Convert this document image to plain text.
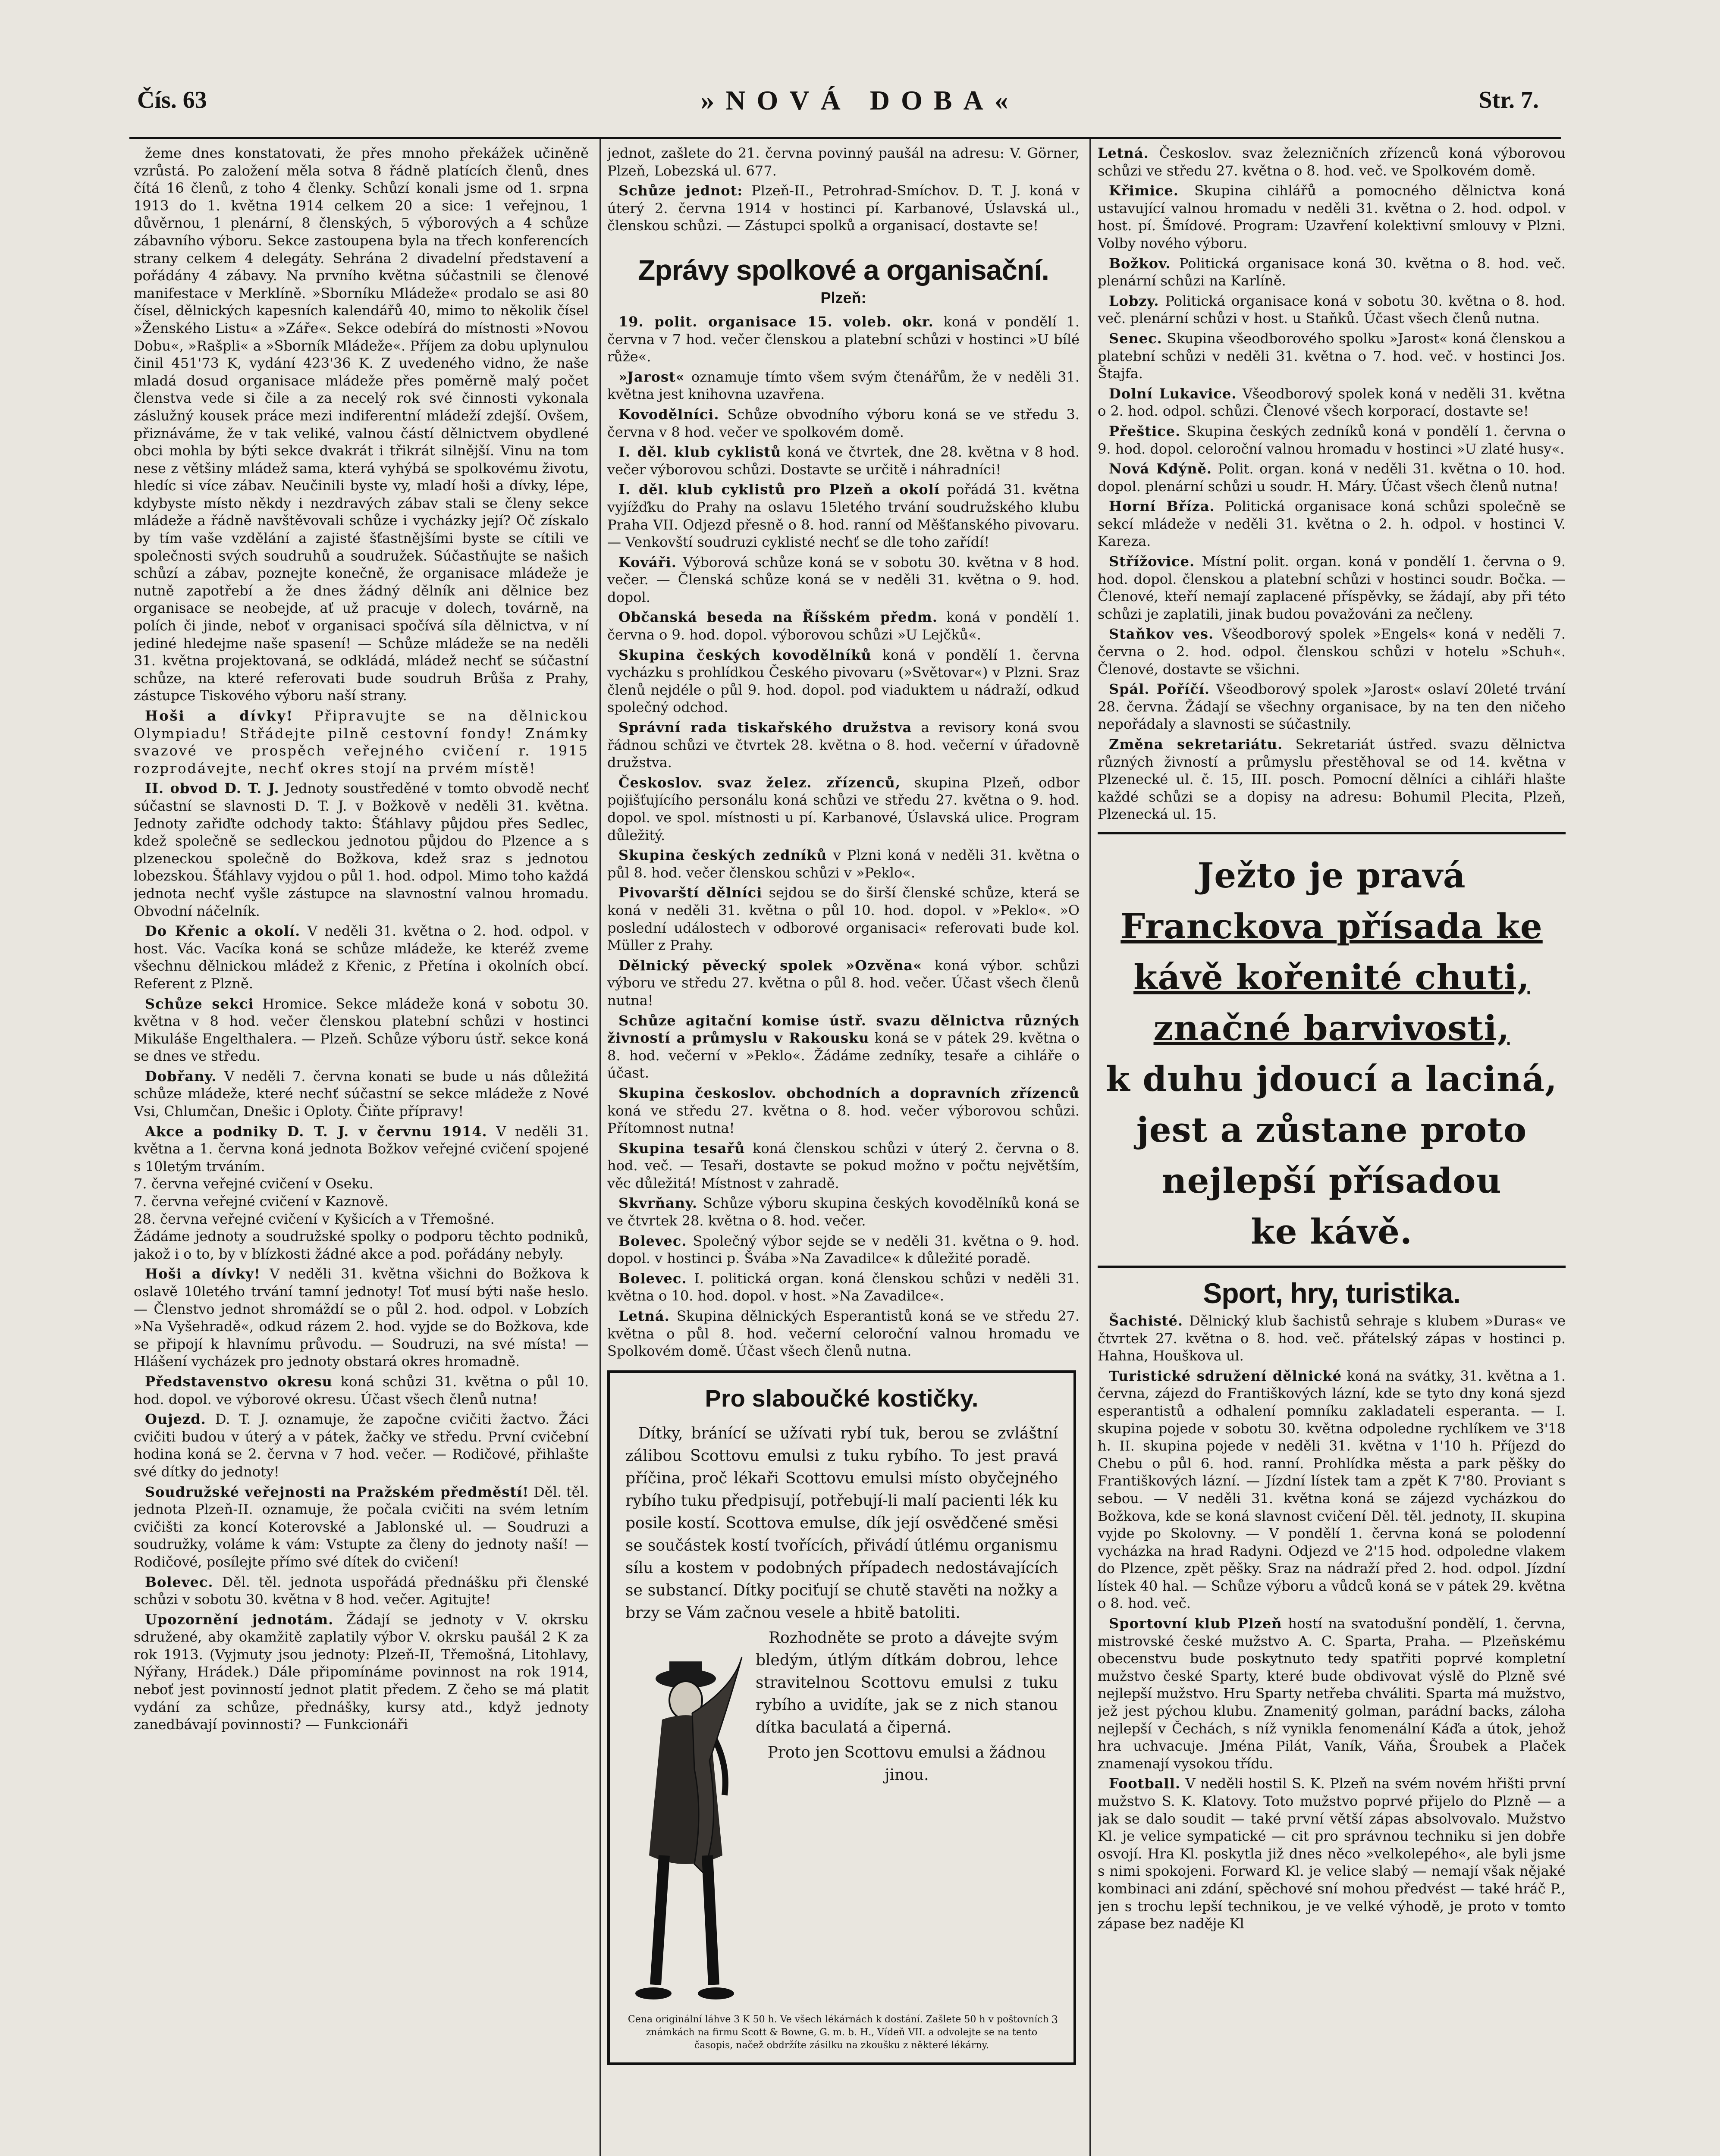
Čís. 63	»NOVÁ DOBA«	Str. 7.

žeme dnes konstatovati, že přes mnoho překážek učiněně vzrůstá. Po založení měla sotva 8 řádně platících členů, dnes čítá 16 členů, z toho 4 členky. Schůzí konali jsme od 1. srpna 1913 do 1. května 1914 celkem 20 a sice: 1 veřejnou, 1 důvěrnou, 1 plenární, 8 členských, 5 výborových a 4 schůze zábavního výboru. Sekce zastoupena byla na třech konferencích strany celkem 4 delegáty. Sehrána 2 divadelní představení a pořádány 4 zábavy. Na prvního května súčastnili se členové manifestace v Merklíně. »Sborníku Mládeže« prodalo se asi 80 čísel, dělnických kapesních kalendářů 40, mimo to několik čísel »Ženského Listu« a »Záře«. Sekce odebírá do místnosti »Novou Dobu«, »Rašpli« a »Sborník Mládeže«. Příjem za dobu uplynulou činil 451'73 K, vydání 423'36 K. Z uvedeného vidno, že naše mladá dosud organisace mládeže přes poměrně malý počet členstva vede si čile a za necelý rok své činnosti vykonala záslužný kousek práce mezi indiferentní mládeží zdejší. Ovšem, přiznáváme, že v tak veliké, valnou částí dělnictvem obydlené obci mohla by býti sekce dvakrát i třikrát silnější. Vinu na tom nese z většiny mládež sama, která vyhýbá se spolkovému životu, hledíc si více zábav. Neučinili byste vy, mladí hoši a dívky, lépe, kdybyste místo někdy i nezdravých zábav stali se členy sekce mládeže a řádně navštěvovali schůze i vycházky její? Oč získalo by tím vaše vzdělání a zajisté šťastnějšími byste se cítili ve společnosti svých soudruhů a soudružek. Súčastňujte se našich schůzí a zábav, poznejte konečně, že organisace mládeže je nutně zapotřebí a že dnes žádný dělník ani dělnice bez organisace se neobejde, ať už pracuje v dolech, továrně, na polích či jinde, neboť v organisaci spočívá síla dělnictva, v ní jediné hledejme naše spasení! — Schůze mládeže se na neděli 31. května projektovaná, se odkládá, mládež nechť se súčastní schůze, na které referovati bude soudruh Brůša z Prahy, zástupce Tiskového výboru naší strany.

Hoši a dívky! Připravujte se na dělnickou Olympiadu! Střádejte pilně cestovní fondy! Známky svazové ve prospěch veřejného cvičení r. 1915 rozprodávejte, nechť okres stojí na prvém místě!

II. obvod D. T. J. Jednoty soustředěné v tomto obvodě nechť súčastní se slavnosti D. T. J. v Božkově v neděli 31. května. Jednoty zařiďte odchody takto: Šťáhlavy půjdou přes Sedlec, kdež společně se sedleckou jednotou půjdou do Plzence a s plzeneckou společně do Božkova, kdež sraz s jednotou lobezskou. Šťáhlavy vyjdou o půl 1. hod. odpol. Mimo toho každá jednota nechť vyšle zástupce na slavnostní valnou hromadu. Obvodní náčelník.

Do Křenic a okolí. V neděli 31. května o 2. hod. odpol. v host. Vác. Vacíka koná se schůze mládeže, ke kteréž zveme všechnu dělnickou mládež z Křenic, z Přetína i okolních obcí. Referent z Plzně.

Schůze sekci Hromice. Sekce mládeže koná v sobotu 30. května v 8 hod. večer členskou platební schůzi v hostinci Mikuláše Engelthalera. — Plzeň. Schůze výboru ústř. sekce koná se dnes ve středu.

Dobřany. V neděli 7. června konati se bude u nás důležitá schůze mládeže, které nechť súčastní se sekce mládeže z Nové Vsi, Chlumčan, Dnešic i Oploty. Čiňte přípravy!

Akce a podniky D. T. J. v červnu 1914. V neděli 31. května a 1. června koná jednota Božkov veřejné cvičení spojené s 10letým trváním.
7. června veřejné cvičení v Oseku.
7. června veřejné cvičení v Kaznově.
28. června veřejné cvičení v Kyšicích a v Třemošné.
Žádáme jednoty a soudružské spolky o podporu těchto podniků, jakož i o to, by v blízkosti žádné akce a pod. pořádány nebyly.

Hoši a dívky! V neděli 31. května všichni do Božkova k oslavě 10letého trvání tamní jednoty! Toť musí býti naše heslo. — Členstvo jednot shromáždí se o půl 2. hod. odpol. v Lobzích »Na Vyšehradě«, odkud rázem 2. hod. vyjde se do Božkova, kde se připojí k hlavnímu průvodu. — Soudruzi, na své místa! — Hlášení vycházek pro jednoty obstará okres hromadně.

Představenstvo okresu koná schůzi 31. května o půl 10. hod. dopol. ve výborové okresu. Účast všech členů nutna!

Oujezd. D. T. J. oznamuje, že započne cvičiti žactvo. Žáci cvičiti budou v úterý a v pátek, žačky ve středu. První cvičební hodina koná se 2. června v 7 hod. večer. — Rodičové, přihlašte své dítky do jednoty!

Soudružské veřejnosti na Pražském předměstí! Děl. těl. jednota Plzeň-II. oznamuje, že počala cvičiti na svém letním cvičišti za koncí Koterovské a Jablonské ul. — Soudruzi a soudružky, voláme k vám: Vstupte za členy do jednoty naší! — Rodičové, posílejte přímo své dítek do cvičení!

Bolevec. Děl. těl. jednota uspořádá přednášku při členské schůzi v sobotu 30. května v 8 hod. večer. Agitujte!

Upozornění jednotám. Žádají se jednoty v V. okrsku sdružené, aby okamžitě zaplatily výbor V. okrsku paušál 2 K za rok 1913. (Vyjmuty jsou jednoty: Plzeň-II, Třemošná, Litohlavy, Nýřany, Hrádek.) Dále připomínáme povinnost na rok 1914, neboť jest povinností jednot platit předem. Z čeho se má platit vydání za schůze, přednášky, kursy atd., když jednoty zanedbávají povinnosti? — Funkcionáři

jednot, zašlete do 21. června povinný paušál na adresu: V. Görner, Plzeň, Lobezská ul. 677.

Schůze jednot: Plzeň-II., Petrohrad-Smíchov. D. T. J. koná v úterý 2. června 1914 v hostinci pí. Karbanové, Úslavská ul., členskou schůzi. — Zástupci spolků a organisací, dostavte se!

Zprávy spolkové a organisační.
Plzeň:

19. polit. organisace 15. voleb. okr. koná v pondělí 1. června v 7 hod. večer členskou a platební schůzi v hostinci »U bílé růže«.

»Jarost« oznamuje tímto všem svým čtenářům, že v neděli 31. května jest knihovna uzavřena.

Kovodělníci. Schůze obvodního výboru koná se ve středu 3. června v 8 hod. večer ve spolkovém domě.

I. děl. klub cyklistů koná ve čtvrtek, dne 28. května v 8 hod. večer výborovou schůzi. Dostavte se určitě i náhradníci!

I. děl. klub cyklistů pro Plzeň a okolí pořádá 31. května vyjížďku do Prahy na oslavu 15letého trvání soudružského klubu Praha VII. Odjezd přesně o 8. hod. ranní od Měšťanského pivovaru. — Venkovští soudruzi cyklisté nechť se dle toho zařídí!

Kováři. Výborová schůze koná se v sobotu 30. května v 8 hod. večer. — Členská schůze koná se v neděli 31. května o 9. hod. dopol.

Občanská beseda na Říšském předm. koná v pondělí 1. června o 9. hod. dopol. výborovou schůzi »U Lejčků«.

Skupina českých kovodělníků koná v pondělí 1. června vycházku s prohlídkou Českého pivovaru (»Světovar«) v Plzni. Sraz členů nejdéle o půl 9. hod. dopol. pod viaduktem u nádraží, odkud společný odchod.

Správní rada tiskařského družstva a revisory koná svou řádnou schůzi ve čtvrtek 28. května o 8. hod. večerní v úřadovně družstva.

Českoslov. svaz želez. zřízenců, skupina Plzeň, odbor pojišťujícího personálu koná schůzi ve středu 27. května o 9. hod. dopol. ve spol. místnosti u pí. Karbanové, Úslavská ulice. Program důležitý.

Skupina českých zedníků v Plzni koná v neděli 31. května o půl 8. hod. večer členskou schůzi v »Peklo«.

Pivovarští dělníci sejdou se do širší členské schůze, která se koná v neděli 31. května o půl 10. hod. dopol. v »Peklo«. »O poslední událostech v odborové organisaci« referovati bude kol. Müller z Prahy.

Dělnický pěvecký spolek »Ozvěna« koná výbor. schůzi výboru ve středu 27. května o půl 8. hod. večer. Účast všech členů nutna!

Schůze agitační komise ústř. svazu dělnictva různých živností a průmyslu v Rakousku koná se v pátek 29. května o 8. hod. večerní v »Peklo«. Žádáme zedníky, tesaře a cihláře o účast.

Skupina českoslov. obchodních a dopravních zřízenců koná ve středu 27. května o 8. hod. večer výborovou schůzi. Přítomnost nutna!

Skupina tesařů koná členskou schůzi v úterý 2. června o 8. hod. več. — Tesaři, dostavte se pokud možno v počtu největším, věc důležitá! Místnost v zahradě.

Skvrňany. Schůze výboru skupina českých kovodělníků koná se ve čtvrtek 28. května o 8. hod. večer.

Bolevec. Společný výbor sejde se v neděli 31. května o 9. hod. dopol. v hostinci p. Švába »Na Zavadilce« k důležité poradě.

Bolevec. I. politická organ. koná členskou schůzi v neděli 31. května o 10. hod. dopol. v host. »Na Zavadilce«.

Letná. Skupina dělnických Esperantistů koná se ve středu 27. května o půl 8. hod. večerní celoroční valnou hromadu ve Spolkovém domě. Účast všech členů nutna.

Pro slaboučké kostičky.

Dítky, bránící se užívati rybí tuk, berou se zvláštní zálibou Scottovu emulsi z tuku rybího. To jest pravá příčina, proč lékaři Scottovu emulsi místo obyčejného rybího tuku předpisují, potřebují-li malí pacienti lék ku posile kostí. Scottova emulse, dík její osvědčené směsi se součástek kostí tvořících, přivádí útlému organismu sílu a kostem v podobných případech nedostávajících se substancí. Dítky pociťují se chutě stavěti na nožky a brzy se Vám začnou vesele a hbitě batoliti.

Rozhodněte se proto a dávejte svým bledým, útlým dítkám dobrou, lehce stravitelnou Scottovu emulsi z tuku rybího a uvidíte, jak se z nich stanou dítka baculatá a čiperná.

Proto jen Scottovu emulsi a žádnou jinou.

3
Cena originální láhve 3 K 50 h. Ve všech lékárnách k dostání. Zašlete 50 h v poštovních známkách na firmu Scott & Bowne, G. m. b. H., Vídeň VII. a odvolejte se na tento časopis, načež obdržíte zásilku na zkoušku z některé lékárny.

Letná. Českoslov. svaz železničních zřízenců koná výborovou schůzi ve středu 27. května o 8. hod. več. ve Spolkovém domě.

Křimice. Skupina cihlářů a pomocného dělnictva koná ustavující valnou hromadu v neděli 31. května o 2. hod. odpol. v host. pí. Šmídové. Program: Uzavření kolektivní smlouvy v Plzni. Volby nového výboru.

Božkov. Politická organisace koná 30. května o 8. hod. več. plenární schůzi na Karlíně.

Lobzy. Politická organisace koná v sobotu 30. května o 8. hod. več. plenární schůzi v host. u Staňků. Účast všech členů nutna.

Senec. Skupina všeodborového spolku »Jarost« koná členskou a platební schůzi v neděli 31. května o 7. hod. več. v hostinci Jos. Štajfa.

Dolní Lukavice. Všeodborový spolek koná v neděli 31. května o 2. hod. odpol. schůzi. Členové všech korporací, dostavte se!

Přeštice. Skupina českých zedníků koná v pondělí 1. června o 9. hod. dopol. celoroční valnou hromadu v hostinci »U zlaté husy«.

Nová Kdýně. Polit. organ. koná v neděli 31. května o 10. hod. dopol. plenární schůzi u soudr. H. Máry. Účast všech členů nutna!

Horní Bříza. Politická organisace koná schůzi společně se sekcí mládeže v neděli 31. května o 2. h. odpol. v hostinci V. Kareza.

Střížovice. Místní polit. organ. koná v pondělí 1. června o 9. hod. dopol. členskou a platební schůzi v hostinci soudr. Bočka. — Členové, kteří nemají zaplacené příspěvky, se žádají, aby při této schůzi je zaplatili, jinak budou považováni za nečleny.

Staňkov ves. Všeodborový spolek »Engels« koná v neděli 7. června o 2. hod. odpol. členskou schůzi v hotelu »Schuh«. Členové, dostavte se všichni.

Spál. Poříčí. Všeodborový spolek »Jarost« oslaví 20leté trvání 28. června. Žádají se všechny organisace, by na ten den ničeho nepořádaly a slavnosti se súčastnily.

Změna sekretariátu. Sekretariát ústřed. svazu dělnictva různých živností a průmyslu přestěhoval se od 14. května v Plzenecké ul. č. 15, III. posch. Pomocní dělníci a cihláři hlašte každé schůzi se a dopisy na adresu: Bohumil Plecita, Plzeň, Plzenecká ul. 15.

Ježto je pravá
Franckova přísada ke
kávě kořenité chuti,
značné barvivosti,
k duhu jdoucí a laciná,
jest a zůstane proto
nejlepší přísadou
ke kávě.
Sport, hry, turistika.

Šachisté. Dělnický klub šachistů sehraje s klubem »Duras« ve čtvrtek 27. května o 8. hod. več. přátelský zápas v hostinci p. Hahna, Houškova ul.

Turistické sdružení dělnické koná na svátky, 31. května a 1. června, zájezd do Františkových lázní, kde se tyto dny koná sjezd esperantistů a odhalení pomníku zakladateli esperanta. — I. skupina pojede v sobotu 30. května odpoledne rychlíkem ve 3'18 h. II. skupina pojede v neděli 31. května v 1'10 h. Příjezd do Chebu o půl 6. hod. ranní. Prohlídka města a park pěšky do Františkových lázní. — Jízdní lístek tam a zpět K 7'80. Proviant s sebou. — V neděli 31. května koná se zájezd vycházkou do Božkova, kde se koná slavnost cvičení Děl. těl. jednoty, II. skupina vyjde po Skolovny. — V pondělí 1. června koná se polodenní vycházka na hrad Radyni. Odjezd ve 2'15 hod. odpoledne vlakem do Plzence, zpět pěšky. Sraz na nádraží před 2. hod. odpol. Jízdní lístek 40 hal. — Schůze výboru a vůdců koná se v pátek 29. května o 8. hod. več.

Sportovní klub Plzeň hostí na svatodušní pondělí, 1. června, mistrovské české mužstvo A. C. Sparta, Praha. — Plzeňskému obecenstvu bude poskytnuto tedy spatřiti poprvé kompletní mužstvo české Sparty, které bude obdivovat výslě do Plzně své nejlepší mužstvo. Hru Sparty netřeba chváliti. Sparta má mužstvo, jež jest pýchou klubu. Znamenitý golman, parádní backs, záloha nejlepší v Čechách, s níž vynikla fenomenální Káďa a útok, jehož hra uchvacuje. Jména Pilát, Vaník, Váňa, Šroubek a Plaček znamenají vysokou třídu.

Football. V neděli hostil S. K. Plzeň na svém novém hřišti první mužstvo S. K. Klatovy. Toto mužstvo poprvé přijelo do Plzně — a jak se dalo soudit — také první větší zápas absolvovalo. Mužstvo Kl. je velice sympatické — cit pro správnou techniku si jen dobře osvojí. Hra Kl. poskytla již dnes něco »velkolepého«, ale byli jsme s nimi spokojeni. Forward Kl. je velice slabý — nemají však nějaké kombinaci ani zdání, spěchové sní mohou předvést — také hráč P., jen s trochu lepší technikou, je ve velké výhodě, je proto v tomto zápase bez naděje Kl
